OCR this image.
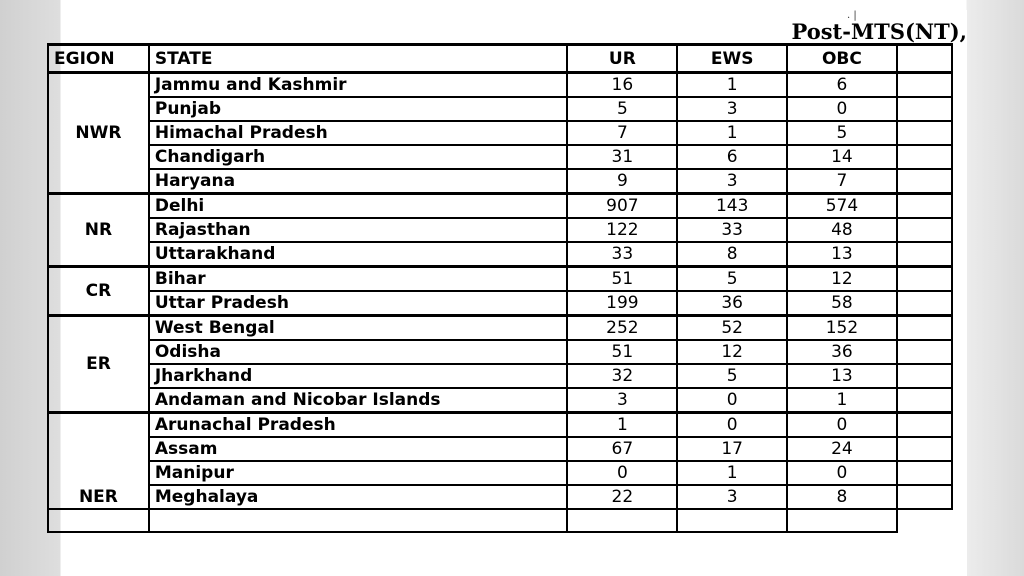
. |
Post-MTS(NT),
EGION	STATE	UR	EWS	OBC	
NWR	Jammu and Kashmir	16	1	6	
	Punjab	5	3	0	
	Himachal Pradesh	7	1	5	
	Chandigarh	31	6	14	
	Haryana	9	3	7	
NR	Delhi	907	143	574	
	Rajasthan	122	33	48	
	Uttarakhand	33	8	13	
CR	Bihar	51	5	12	
	Uttar Pradesh	199	36	58	
ER	West Bengal	252	52	152	
	Odisha	51	12	36	
	Jharkhand	32	5	13	
	Andaman and Nicobar Islands	3	0	1	
NER	Arunachal Pradesh	1	0	0	
	Assam	67	17	24	
	Manipur	0	1	0	
	Meghalaya	22	3	8	
